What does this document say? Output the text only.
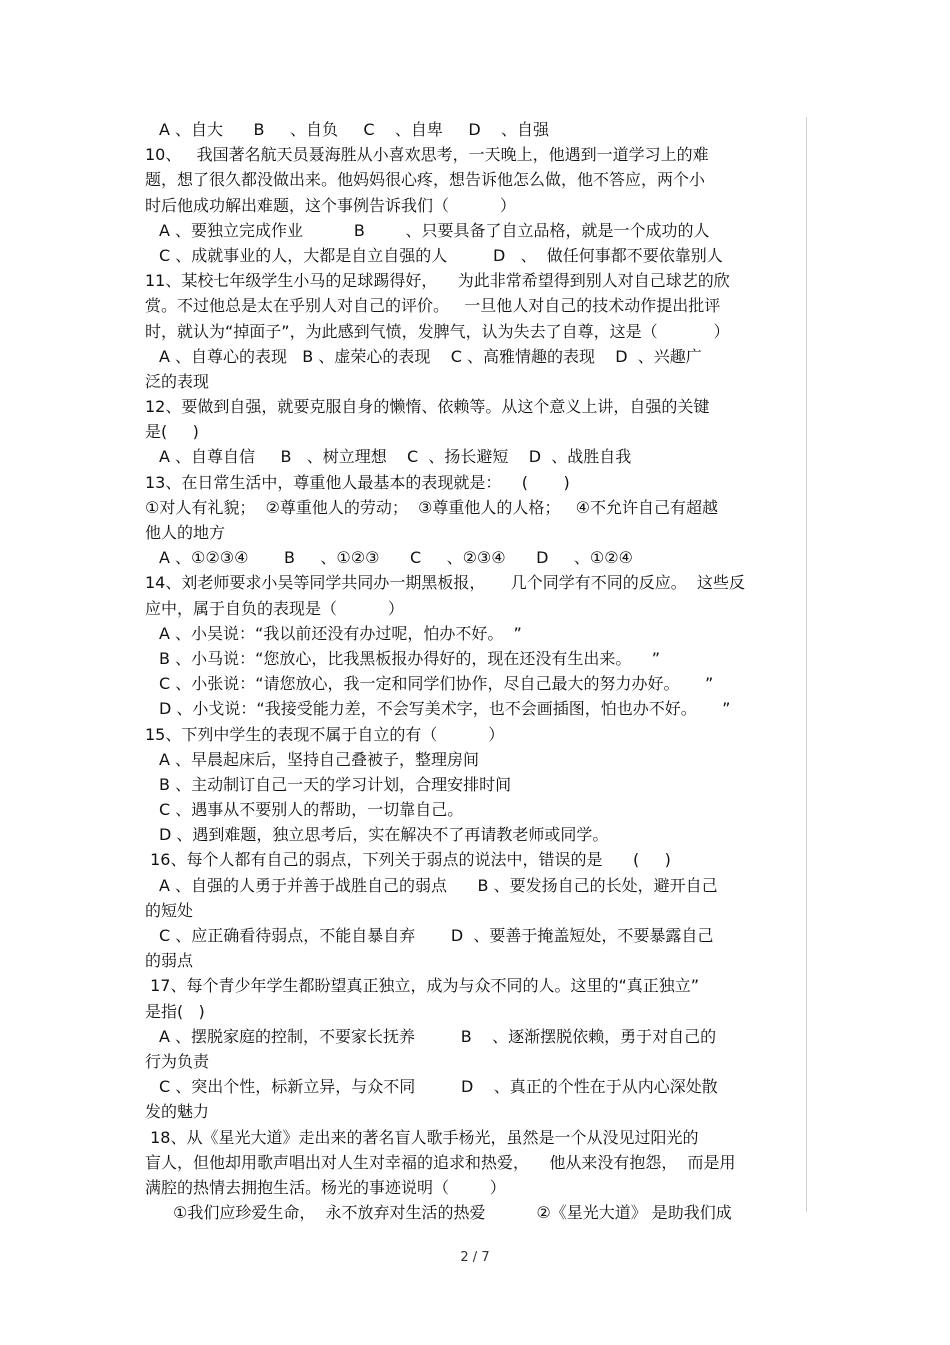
A 、自大      B     、自负     C    、自卑     D    、自强
10、   我国著名航天员聂海胜从小喜欢思考，一天晚上，他遇到一道学习上的难
题，想了很久都没做出来。他妈妈很心疼，想告诉他怎么做，他不答应，两个小
时后他成功解出难题，这个事例告诉我们（          ）
A 、要独立完成作业          B        、只要具备了自立品格，就是一个成功的人
C 、成就事业的人，大都是自立自强的人         D   、  做任何事都不要依靠别人
11、某校七年级学生小马的足球踢得好，    为此非常希望得到别人对自己球艺的欣
赏。不过他总是太在乎别人对自己的评价。   一旦他人对自己的技术动作提出批评
时，就认为“掉面子”，为此感到气愤，发脾气，认为失去了自尊，这是（           ）
A 、自尊心的表现   B 、虚荣心的表现    C 、高雅情趣的表现    D  、兴趣广
泛的表现
12、要做到自强，就要克服自身的懒惰、依赖等。从这个意义上讲，自强的关键
是(     )
A 、自尊自信     B   、树立理想    C  、扬长避短    D  、战胜自我
13、在日常生活中，尊重他人最基本的表现就是：    (       )
①对人有礼貌；  ②尊重他人的劳动；  ③尊重他人的人格；   ④不允许自己有超越
他人的地方
A 、①②③④       B     、①②③      C     、②③④      D     、①②④
14、刘老师要求小吴等同学共同办一期黑板报，     几个同学有不同的反应。  这些反
应中，属于自负的表现是（          ）
A 、小吴说：“我以前还没有办过呢，怕办不好。  ”
B 、小马说：“您放心，比我黑板报办得好的，现在还没有生出来。    ”
C 、小张说：“请您放心，我一定和同学们协作，尽自己最大的努力办好。     ”
D 、小戈说：“我接受能力差，不会写美术字，也不会画插图，怕也办不好。     ”
15、下列中学生的表现不属于自立的有（          ）
A 、早晨起床后，坚持自己叠被子，整理房间
B 、主动制订自己一天的学习计划，合理安排时间
C 、遇事从不要别人的帮助，一切靠自己。
D 、遇到难题，独立思考后，实在解决不了再请教老师或同学。
16、每个人都有自己的弱点，下列关于弱点的说法中，错误的是      (     )
A 、自强的人勇于并善于战胜自己的弱点      B 、要发扬自己的长处，避开自己
的短处
C 、应正确看待弱点，不能自暴自弃       D  、要善于掩盖短处，不要暴露自己
的弱点
17、每个青少年学生都盼望真正独立，成为与众不同的人。这里的“真正独立”
是指(   )
A 、摆脱家庭的控制，不要家长抚养         B    、逐渐摆脱依赖，勇于对自己的
行为负责
C 、突出个性，标新立异，与众不同         D    、真正的个性在于从内心深处散
发的魅力
18、从《星光大道》走出来的著名盲人歌手杨光，虽然是一个从没见过阳光的
盲人，但他却用歌声唱出对人生对幸福的追求和热爱，    他从来没有抱怨，  而是用
满腔的热情去拥抱生活。杨光的事迹说明（        ）
①我们应珍爱生命，  永不放弃对生活的热爱          ②《星光大道》 是助我们成
2 / 7
